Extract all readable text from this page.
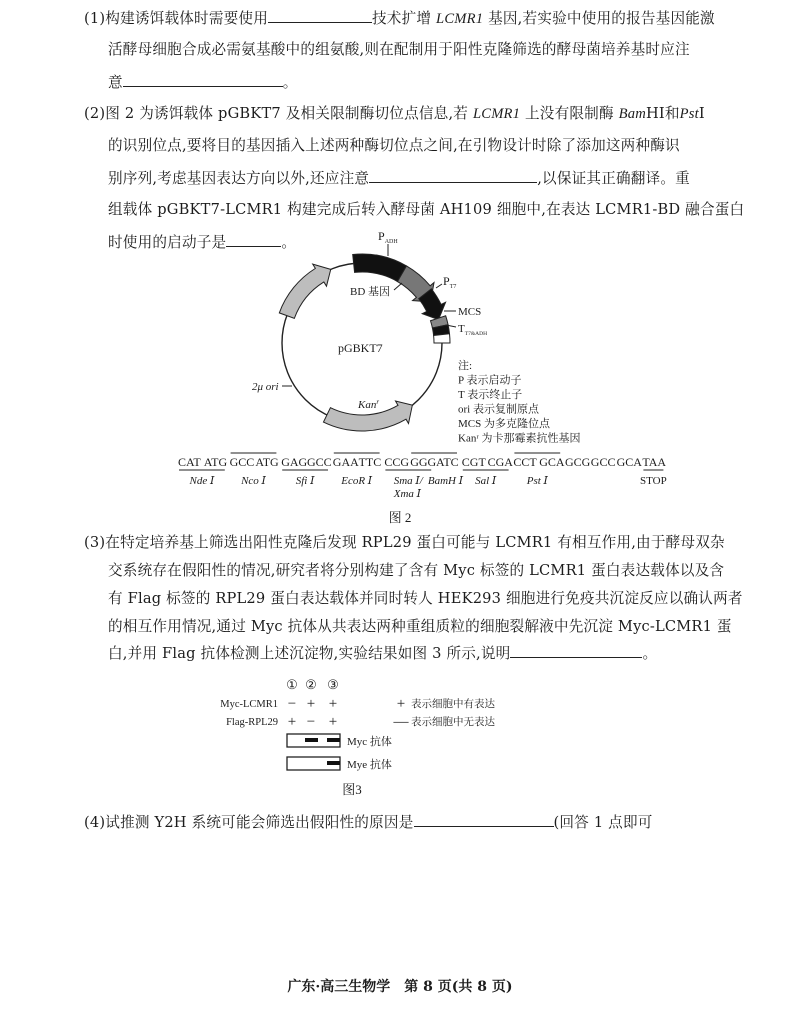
(1)构建诱饵载体时需要使用	技术扩增 LCMR1 基因,若实验中使用的报告基因能激
活酵母细胞合成必需氨基酸中的组氨酸,则在配制用于阳性克隆筛选的酵母菌培养基时应注
意	。
(2)图 2 为诱饵载体 pGBKT7 及相关限制酶切位点信息,若 LCMR1 上没有限制酶 BamHⅠ和PstⅠ
的识别位点,要将目的基因插入上述两种酶切位点之间,在引物设计时除了添加这两种酶识
别序列,考虑基因表达方向以外,还应注意	,以保证其正确翻译。重
组载体 pGBKT7-LCMR1 构建完成后转入酵母菌 AH109 细胞中,在表达 LCMR1-BD 融合蛋白
时使用的启动子是	。
(3)在特定培养基上筛选出阳性克隆后发现 RPL29 蛋白可能与 LCMR1 有相互作用,由于酵母双杂
交系统存在假阳性的情况,研究者将分别构建了含有 Myc 标签的 LCMR1 蛋白表达载体以及含
有 Flag 标签的 RPL29 蛋白表达载体并同时转人 HEK293 细胞进行免疫共沉淀反应以确认两者
的相互作用情况,通过 Myc 抗体从共表达两种重组质粒的细胞裂解液中先沉淀 Myc-LCMR1 蛋
白,并用 Flag 抗体检测上述沉淀物,实验结果如图 3 所示,说明	。
(4)试推测 Y2H 系统可能会筛选出假阳性的原因是	(回答 1 点即可
pGBKT7
$P_{ADH}$
BD 基因
$P_{T7}$
MCS
$T_{T7\&ADH}$
2μ ori
Kan$^r$
注:
P 表示启动子
T 表示终止子
ori 表示复制原点
MCS 为多克隆位点
Kanʳ 为卡那霉素抗性基因
CAT ATG GCC ATG GAG GCC GAA TTC CCG GGG ATC CGT CGA CCT GCA GCG GCC GCA TAA
Nde Ⅰ Nco Ⅰ	Sfi Ⅰ EcoR Ⅰ Sma Ⅰ/
Xma Ⅰ
BamH Ⅰ Sal Ⅰ	Pst Ⅰ	STOP
图 2
① ② ③
Myc-LCMR1 − + +
Flag-RPL29 + − +
Myc 抗体
Mye 抗体
+ 表示细胞中有表达
— 表示细胞中无表达
图3
广东·高三生物学　第 8 页(共 8 页)
